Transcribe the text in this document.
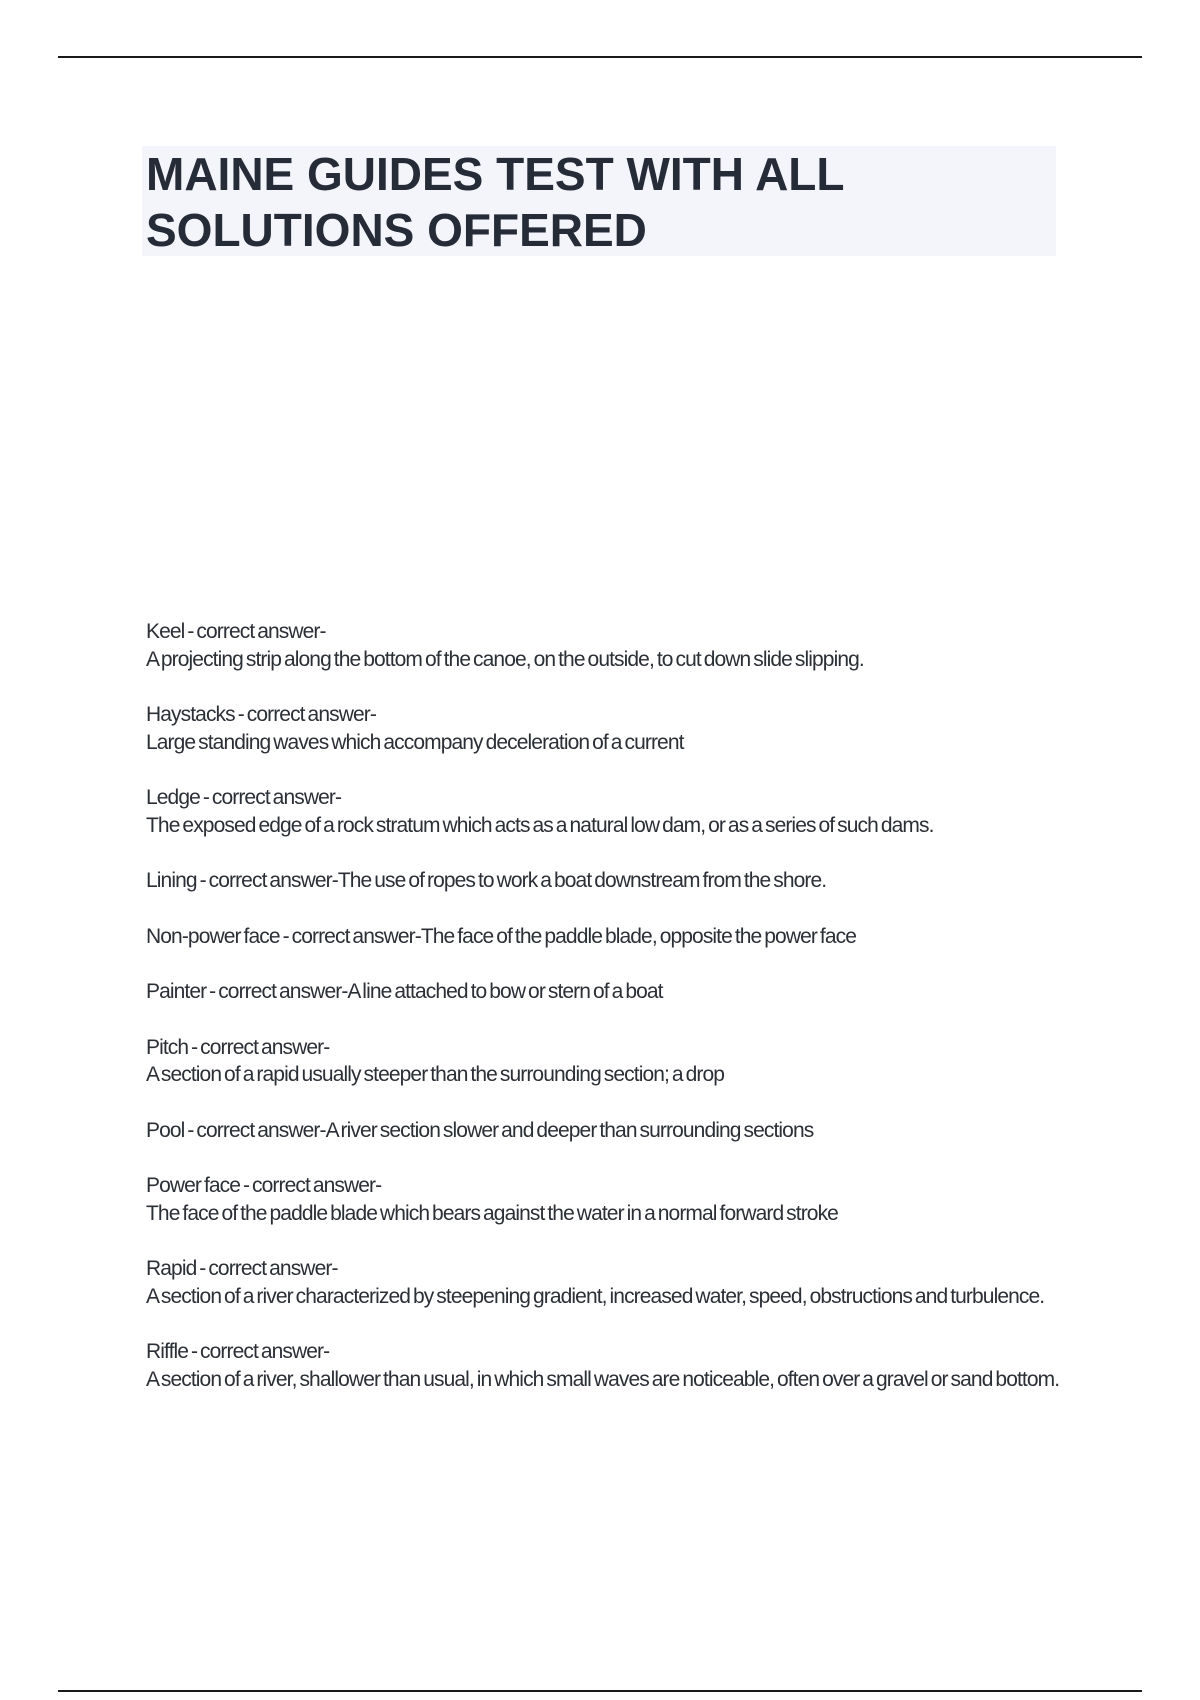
MAINE GUIDES TEST WITH ALL SOLUTIONS OFFERED
Keel - correct answer-
A projecting strip along the bottom of the canoe, on the outside, to cut down slide slipping.
Haystacks - correct answer-
Large standing waves which accompany deceleration of a current
Ledge - correct answer-
The exposed edge of a rock stratum which acts as a natural low dam, or as a series of such dams.
Lining - correct answer-The use of ropes to work a boat downstream from the shore.
Non-power face - correct answer-The face of the paddle blade, opposite the power face
Painter - correct answer-A line attached to bow or stern of a boat
Pitch - correct answer-
A section of a rapid usually steeper than the surrounding section; a drop
Pool - correct answer-A river section slower and deeper than surrounding sections
Power face - correct answer-
The face of the paddle blade which bears against the water in a normal forward stroke
Rapid - correct answer-
A section of a river characterized by steepening gradient, increased water, speed, obstructions and turbulence.
Riffle - correct answer-
A section of a river, shallower than usual, in which small waves are noticeable, often over a gravel or sand bottom.
